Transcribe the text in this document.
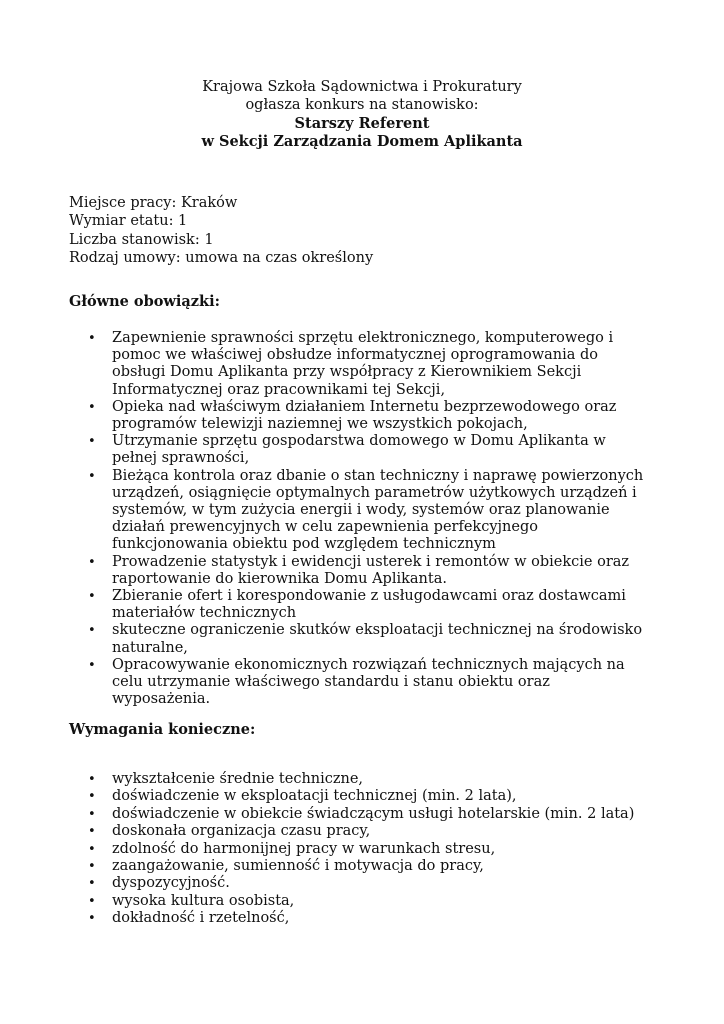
Krajowa Szkoła Sądownictwa i Prokuratury
ogłasza konkurs na stanowisko:
Starszy Referent
w Sekcji Zarządzania Domem Aplikanta
Miejsce pracy: Kraków
Wymiar etatu: 1
Liczba stanowisk: 1
Rodzaj umowy: umowa na czas określony
Główne obowiązki:
• Zapewnienie sprawności sprzętu elektronicznego, komputerowego i pomoc we właściwej obsłudze informatycznej oprogramowania do obsługi Domu Aplikanta przy współpracy z Kierownikiem Sekcji Informatycznej oraz pracownikami tej Sekcji,
• Opieka nad właściwym działaniem Internetu bezprzewodowego oraz programów telewizji naziemnej we wszystkich pokojach,
• Utrzymanie sprzętu gospodarstwa domowego w Domu Aplikanta w pełnej sprawności,
• Bieżąca kontrola oraz dbanie o stan techniczny i naprawę powierzonych urządzeń, osiągnięcie optymalnych parametrów użytkowych urządzeń i systemów, w tym zużycia energii i wody, systemów oraz planowanie działań prewencyjnych w celu zapewnienia perfekcyjnego funkcjonowania obiektu pod względem technicznym
• Prowadzenie statystyk i ewidencji usterek i remontów w obiekcie oraz raportowanie do kierownika Domu Aplikanta.
• Zbieranie ofert i korespondowanie z usługodawcami oraz dostawcami materiałów technicznych
• skuteczne ograniczenie skutków eksploatacji technicznej na środowisko naturalne,
• Opracowywanie ekonomicznych rozwiązań technicznych mających na celu utrzymanie właściwego standardu i stanu obiektu oraz wyposażenia.
Wymagania konieczne:
• wykształcenie średnie techniczne,
• doświadczenie w eksploatacji technicznej (min. 2 lata),
• doświadczenie w obiekcie świadczącym usługi hotelarskie (min. 2 lata)
• doskonała organizacja czasu pracy,
• zdolność do harmonijnej pracy w warunkach stresu,
• zaangażowanie, sumienność i motywacja do pracy,
• dyspozycyjność.
• wysoka kultura osobista,
• dokładność i rzetelność,
